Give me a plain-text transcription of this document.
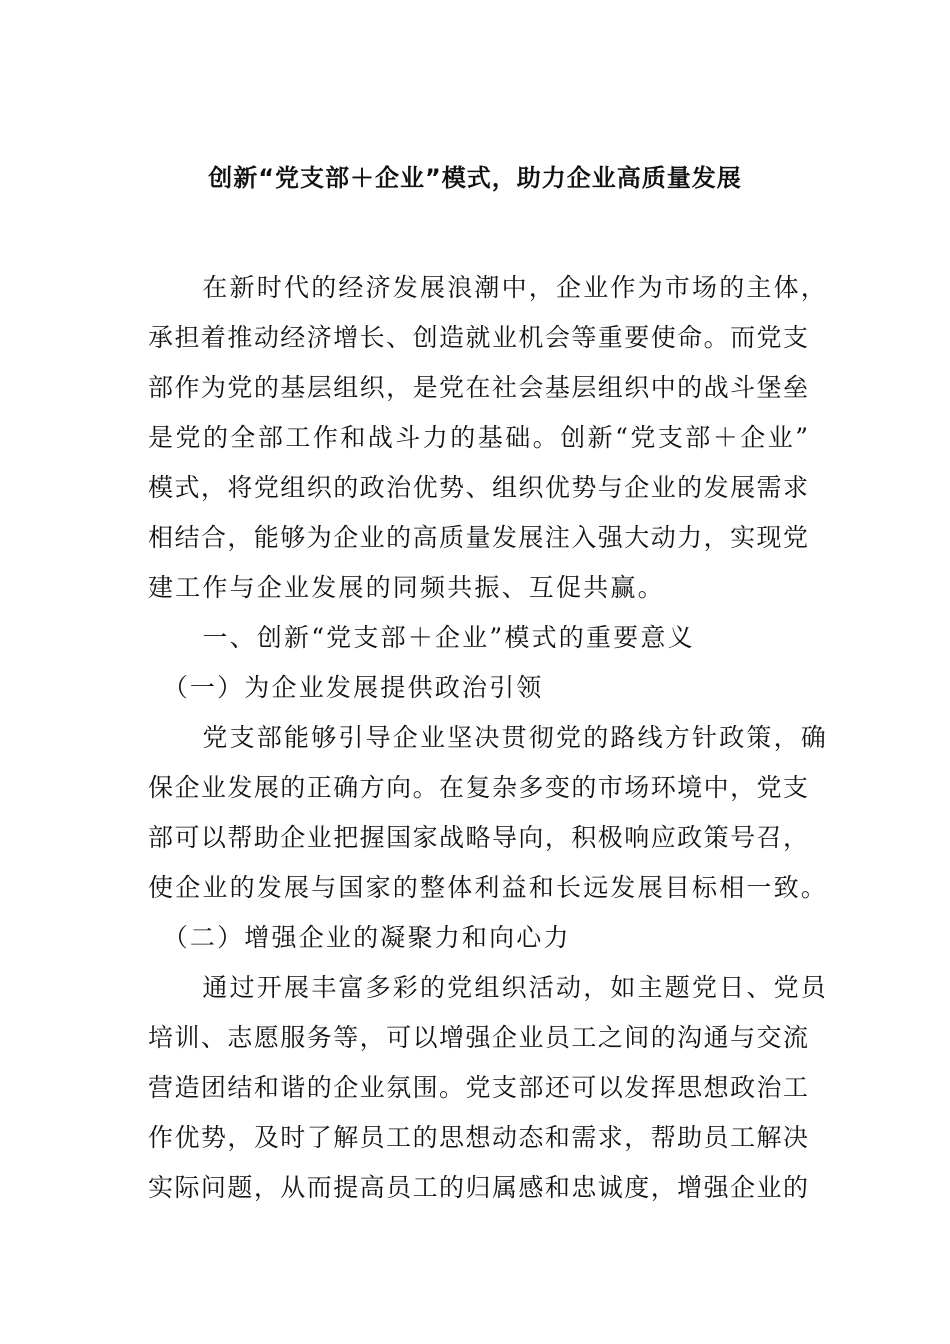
创新“党支部＋企业”模式，助力企业高质量发展
　　在新时代的经济发展浪潮中，企业作为市场的主体，
承担着推动经济增长、创造就业机会等重要使命。而党支
部作为党的基层组织，是党在社会基层组织中的战斗堡垒
是党的全部工作和战斗力的基础。创新“党支部＋企业”
模式，将党组织的政治优势、组织优势与企业的发展需求
相结合，能够为企业的高质量发展注入强大动力，实现党
建工作与企业发展的同频共振、互促共赢。
　　一、创新“党支部＋企业”模式的重要意义
　（一）为企业发展提供政治引领
　　党支部能够引导企业坚决贯彻党的路线方针政策，确
保企业发展的正确方向。在复杂多变的市场环境中，党支
部可以帮助企业把握国家战略导向，积极响应政策号召，
使企业的发展与国家的整体利益和长远发展目标相一致。
　（二）增强企业的凝聚力和向心力
　　通过开展丰富多彩的党组织活动，如主题党日、党员
培训、志愿服务等，可以增强企业员工之间的沟通与交流
营造团结和谐的企业氛围。党支部还可以发挥思想政治工
作优势，及时了解员工的思想动态和需求，帮助员工解决
实际问题，从而提高员工的归属感和忠诚度，增强企业的
